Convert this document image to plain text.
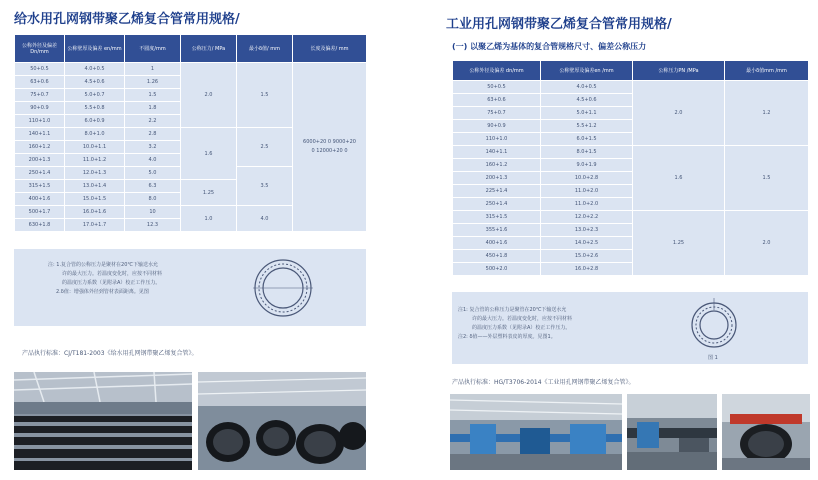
给水用孔网钢带聚乙烯复合管常用规格/
公称外径及偏差 Dn/mm	公称壁厚及偏差 en/mm	不圆度/mm	公称压力/ MPa	最小δ值/ mm	长度及偏差/ mm
50+0.5	4.0+0.5	1	2.0	1.5	6000+20 0 9000+20 0 12000+20 0
63+0.6	4.5+0.6	1.26			
75+0.7	5.0+0.7	1.5			
90+0.9	5.5+0.8	1.8			
110+1.0	6.0+0.9	2.2			
140+1.1	8.0+1.0	2.8	1.6	2.5	
160+1.2	10.0+1.1	3.2			
200+1.3	11.0+1.2	4.0			
250+1.4	12.0+1.3	5.0		3.5	
315+1.5	13.0+1.4	6.3	1.25		
400+1.6	15.0+1.5	8.0			
500+1.7	16.0+1.6	10	1.0	4.0	
630+1.8	17.0+1.7	12.3			
注: 1.复合管的公称压力是聚材在20℃下输送水允
许的最大压力。若温度变化时，应按不同材料
的温度压力系数（见附录A）校正工作压力。
2.δ值：增强体外径到管材表面距离。见图
产品执行标准：CJ/T181-2003《给水用孔网钢带聚乙烯复合管》。
工业用孔网钢带聚乙烯复合管常用规格/
(一) 以聚乙烯为基体的复合管规格尺寸、偏差公称压力
公称外径及偏差 dn/mm	公称壁厚及偏差en /mm	公称压力PN /MPa	最小δ值mm /mm
50+0.5	4.0+0.5	2.0	1.2
63+0.6	4.5+0.6		
75+0.7	5.0+1.1		
90+0.9	5.5+1.2		
110+1.0	6.0+1.5		
140+1.1	8.0+1.5	1.6	1.5
160+1.2	9.0+1.9		
200+1.3	10.0+2.8		
225+1.4	11.0+2.0		
250+1.4	11.0+2.0		
315+1.5	12.0+2.2	1.25	2.0
355+1.6	13.0+2.3		
400+1.6	14.0+2.5		
450+1.8	15.0+2.6		
500+2.0	16.0+2.8		
注1: 复合管的公称压力是聚管在20℃下输送水允
许的最大压力。若温度变化时，应按不同材料
的温度压力系数（见附录A）校正工作压力。
注2: δ值——外层塑料表皮的厚度。见图1。
图 1
产品执行标准：HG/T3706-2014《工业用孔网钢带聚乙烯复合管》。
